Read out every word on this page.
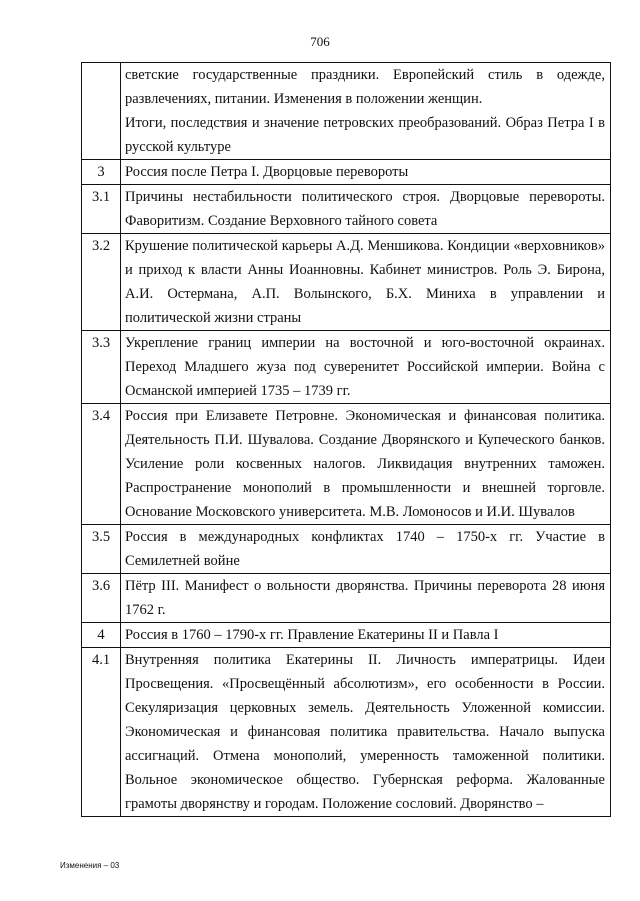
706

	светские государственные праздники. Европейский стиль в одежде, развлечениях, питании. Изменения в положении женщин.
Итоги, последствия и значение петровских преобразований. Образ Петра I в русской культуре

3	Россия после Петра I. Дворцовые перевороты

3.1	Причины нестабильности политического строя. Дворцовые перевороты. Фаворитизм. Создание Верховного тайного совета

3.2	Крушение политической карьеры А.Д. Меншикова. Кондиции «верховников» и приход к власти Анны Иоанновны. Кабинет министров. Роль Э. Бирона, А.И. Остермана, А.П. Волынского, Б.Х. Миниха в управлении и политической жизни страны

3.3	Укрепление границ империи на восточной и юго-восточной окраинах. Переход Младшего жуза под суверенитет Российской империи. Война с Османской империей 1735 – 1739 гг.

3.4	Россия при Елизавете Петровне. Экономическая и финансовая политика. Деятельность П.И. Шувалова. Создание Дворянского и Купеческого банков. Усиление роли косвенных налогов. Ликвидация внутренних таможен. Распространение монополий в промышленности и внешней торговле. Основание Московского университета. М.В. Ломоносов и И.И. Шувалов

3.5	Россия в международных конфликтах 1740 – 1750-х гг. Участие в Семилетней войне

3.6	Пётр III. Манифест о вольности дворянства. Причины переворота 28 июня 1762 г.

4	Россия в 1760 – 1790-х гг. Правление Екатерины II и Павла I

4.1	Внутренняя политика Екатерины II. Личность императрицы. Идеи Просвещения. «Просвещённый абсолютизм», его особенности в России. Секуляризация церковных земель. Деятельность Уложенной комиссии. Экономическая и финансовая политика правительства. Начало выпуска ассигнаций. Отмена монополий, умеренность таможенной политики. Вольное экономическое общество. Губернская реформа. Жалованные грамоты дворянству и городам. Положение сословий. Дворянство –
Изменения – 03
